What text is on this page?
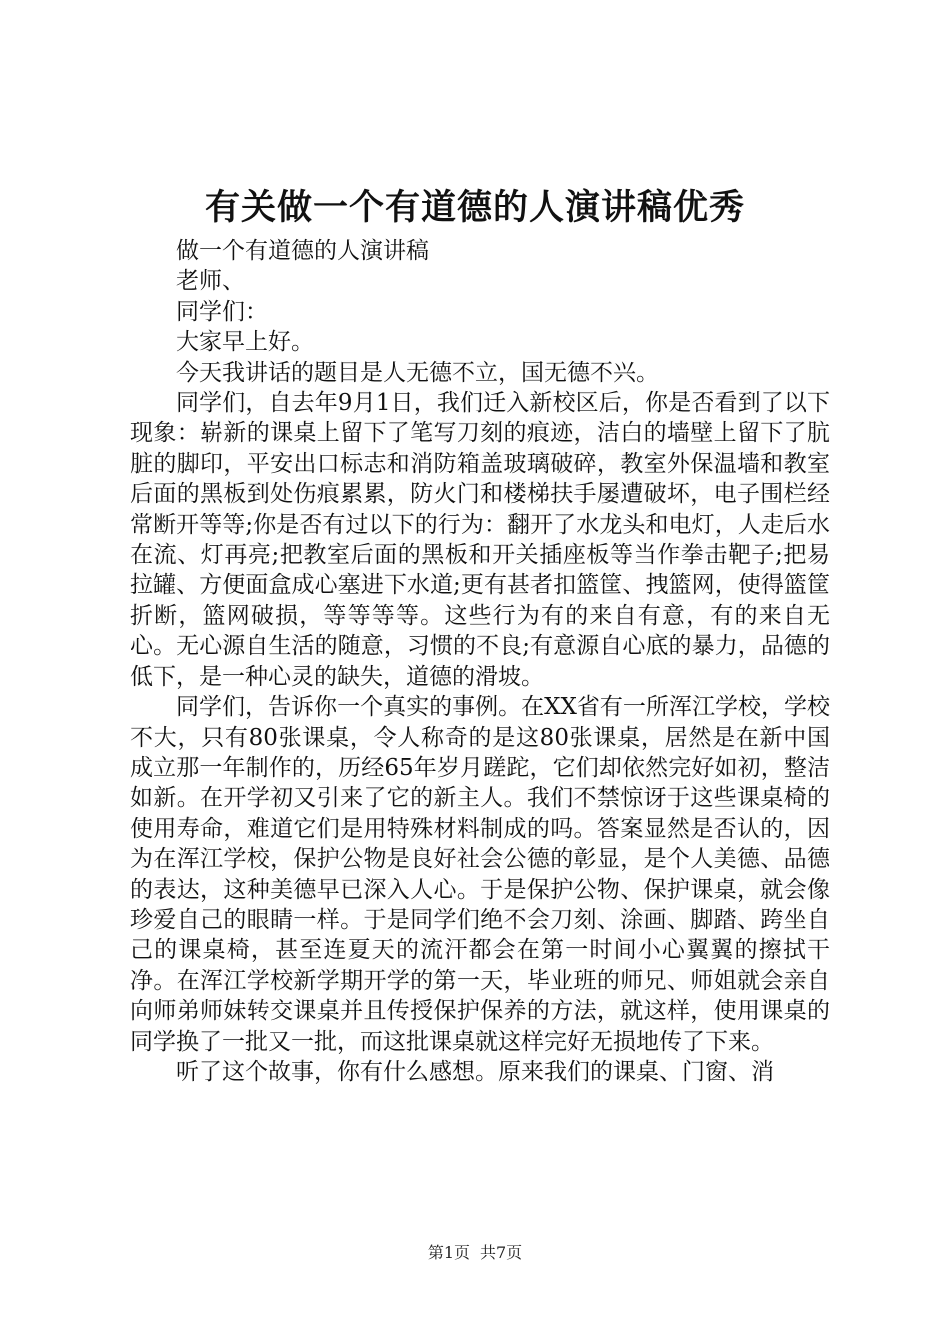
有关做一个有道德的人演讲稿优秀

做一个有道德的人演讲稿

老师、

同学们：

大家早上好。

今天我讲话的题目是人无德不立，国无德不兴。

同学们，自去年9月1日，我们迁入新校区后，你是否看到了以下现象：崭新的课桌上留下了笔写刀刻的痕迹，洁白的墙壁上留下了肮脏的脚印，平安出口标志和消防箱盖玻璃破碎，教室外保温墙和教室后面的黑板到处伤痕累累，防火门和楼梯扶手屡遭破坏，电子围栏经常断开等等;你是否有过以下的行为：翻开了水龙头和电灯，人走后水在流、灯再亮;把教室后面的黑板和开关插座板等当作拳击靶子;把易拉罐、方便面盒成心塞进下水道;更有甚者扣篮筐、拽篮网，使得篮筐折断，篮网破损，等等等等。这些行为有的来自有意，有的来自无心。无心源自生活的随意，习惯的不良;有意源自心底的暴力，品德的低下，是一种心灵的缺失，道德的滑坡。

同学们，告诉你一个真实的事例。在XX省有一所浑江学校，学校不大，只有80张课桌，令人称奇的是这80张课桌，居然是在新中国成立那一年制作的，历经65年岁月蹉跎，它们却依然完好如初，整洁如新。在开学初又引来了它的新主人。我们不禁惊讶于这些课桌椅的使用寿命，难道它们是用特殊材料制成的吗。答案显然是否认的，因为在浑江学校，保护公物是良好社会公德的彰显，是个人美德、品德的表达，这种美德早已深入人心。于是保护公物、保护课桌，就会像珍爱自己的眼睛一样。于是同学们绝不会刀刻、涂画、脚踏、跨坐自己的课桌椅，甚至连夏天的流汗都会在第一时间小心翼翼的擦拭干净。在浑江学校新学期开学的第一天，毕业班的师兄、师姐就会亲自向师弟师妹转交课桌并且传授保护保养的方法，就这样，使用课桌的同学换了一批又一批，而这批课桌就这样完好无损地传了下来。

听了这个故事，你有什么感想。原来我们的课桌、门窗、消

第1页 共7页
